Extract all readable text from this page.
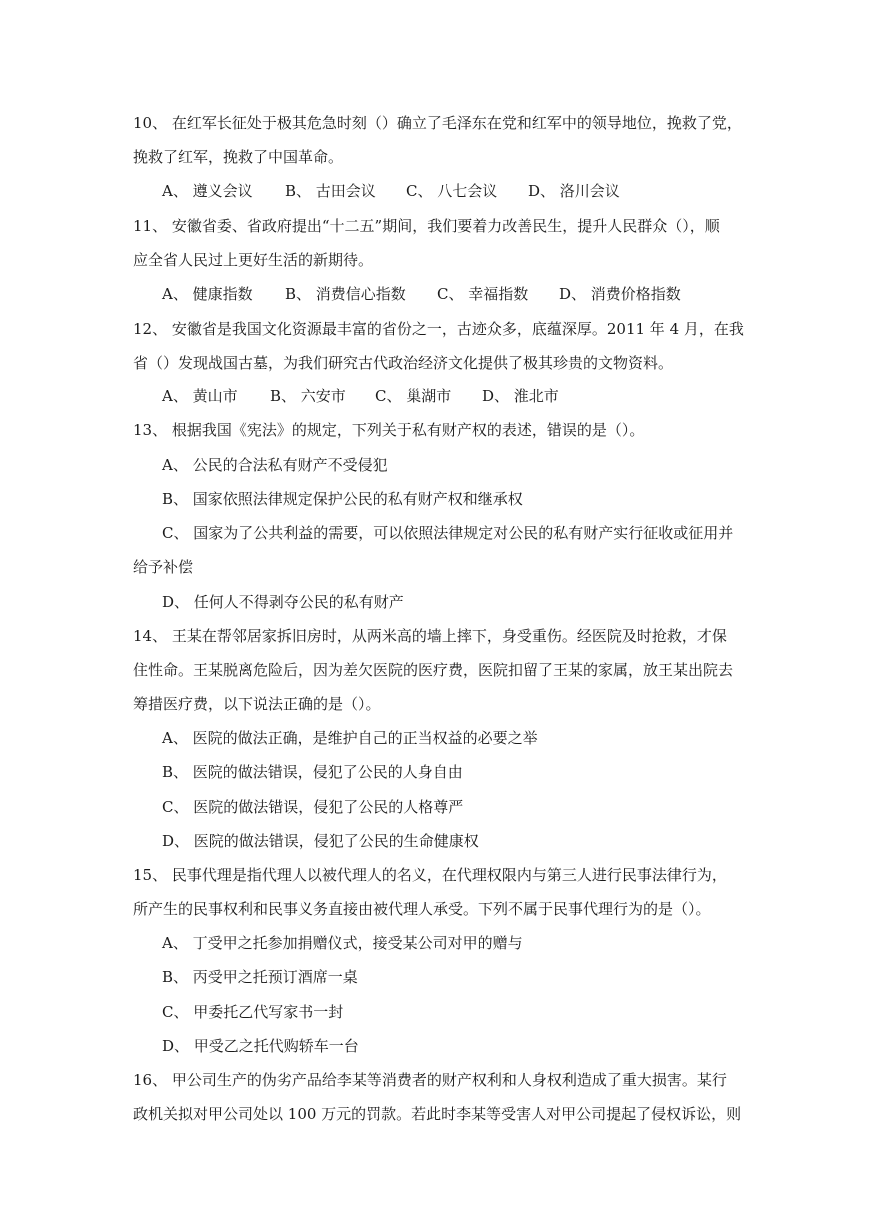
10、 在红军长征处于极其危急时刻（）确立了毛泽东在党和红军中的领导地位，挽救了党，
挽救了红军，挽救了中国革命。
A、 遵义会议 B、 古田会议 C、 八七会议 D、 洛川会议
11、 安徽省委、省政府提出“十二五”期间，我们要着力改善民生，提升人民群众（），顺
应全省人民过上更好生活的新期待。
A、 健康指数 B、 消费信心指数 C、 幸福指数 D、 消费价格指数
12、 安徽省是我国文化资源最丰富的省份之一，古迹众多，底蕴深厚。2011 年 4 月，在我
省（）发现战国古墓，为我们研究古代政治经济文化提供了极其珍贵的文物资料。
A、 黄山市 B、 六安市 C、 巢湖市 D、 淮北市
13、 根据我国《宪法》的规定，下列关于私有财产权的表述，错误的是（）。
A、 公民的合法私有财产不受侵犯
B、 国家依照法律规定保护公民的私有财产权和继承权
C、 国家为了公共利益的需要，可以依照法律规定对公民的私有财产实行征收或征用并
给予补偿
D、 任何人不得剥夺公民的私有财产
14、 王某在帮邻居家拆旧房时，从两米高的墙上摔下，身受重伤。经医院及时抢救，才保
住性命。王某脱离危险后，因为差欠医院的医疗费，医院扣留了王某的家属，放王某出院去
筹措医疗费，以下说法正确的是（）。
A、 医院的做法正确，是维护自己的正当权益的必要之举
B、 医院的做法错误，侵犯了公民的人身自由
C、 医院的做法错误，侵犯了公民的人格尊严
D、 医院的做法错误，侵犯了公民的生命健康权
15、 民事代理是指代理人以被代理人的名义，在代理权限内与第三人进行民事法律行为，
所产生的民事权利和民事义务直接由被代理人承受。下列不属于民事代理行为的是（）。
A、 丁受甲之托参加捐赠仪式，接受某公司对甲的赠与
B、 丙受甲之托预订酒席一桌
C、 甲委托乙代写家书一封
D、 甲受乙之托代购轿车一台
16、 甲公司生产的伪劣产品给李某等消费者的财产权利和人身权利造成了重大损害。某行
政机关拟对甲公司处以 100 万元的罚款。若此时李某等受害人对甲公司提起了侵权诉讼，则
